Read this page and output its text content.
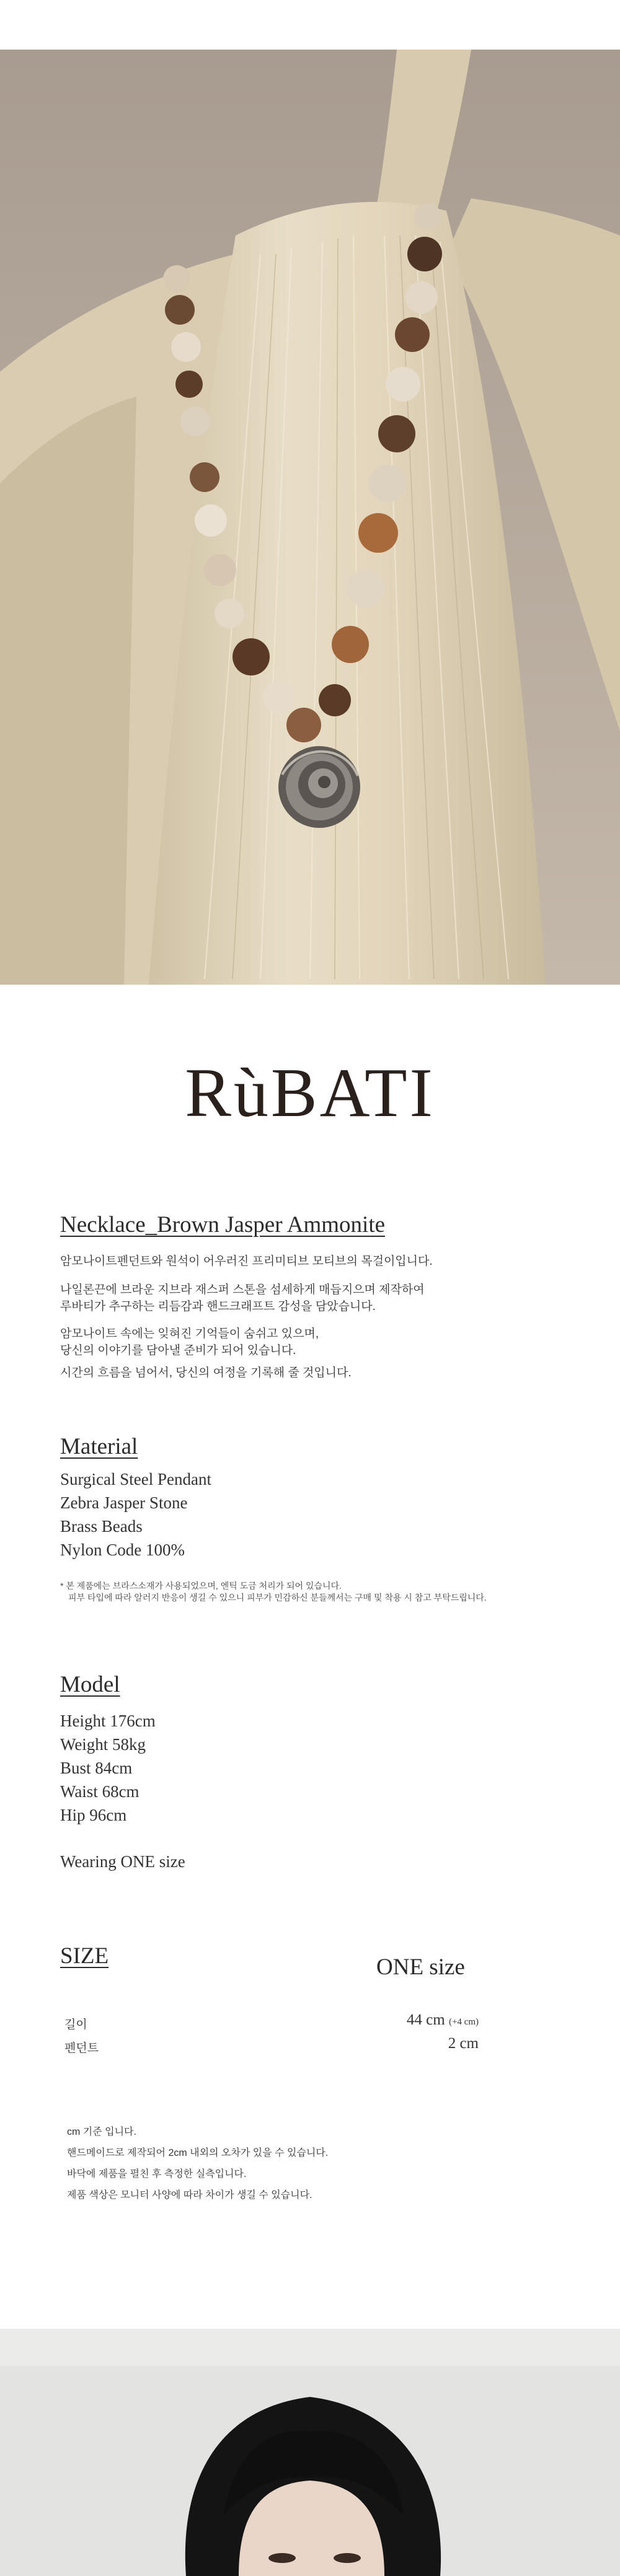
RùBATI
Necklace_Brown Jasper Ammonite
암모나이트펜던트와 원석이 어우러진 프리미티브 모티브의 목걸이입니다.
나일론끈에 브라운 지브라 재스퍼 스톤을 섬세하게 매듭지으며 제작하여
루바티가 추구하는 리듬감과 핸드크래프트 감성을 담았습니다.
암모나이트 속에는 잊혀진 기억들이 숨쉬고 있으며,
당신의 이야기를 담아낼 준비가 되어 있습니다.
시간의 흐름을 넘어서, 당신의 여정을 기록해 줄 것입니다.
Material
Surgical Steel Pendant
Zebra Jasper Stone
Brass Beads
Nylon Code 100%
* 본 제품에는 브라스소재가 사용되었으며, 엔틱 도금 처리가 되어 있습니다.
피부 타입에 따라 알러지 반응이 생길 수 있으니 피부가 민감하신 분들께서는 구매 및 착용 시 참고 부탁드립니다.
Model
Height 176cm
Weight 58kg
Bust 84cm
Waist 68cm
Hip 96cm
Wearing ONE size
SIZE	ONE size
길이	44 cm (+4 cm)
펜던트	2 cm
cm 기준 입니다.
핸드메이드로 제작되어 2cm 내외의 오차가 있을 수 있습니다.
바닥에 제품을 펼친 후 측정한 실측입니다.
제품 색상은 모니터 사양에 따라 차이가 생길 수 있습니다.
